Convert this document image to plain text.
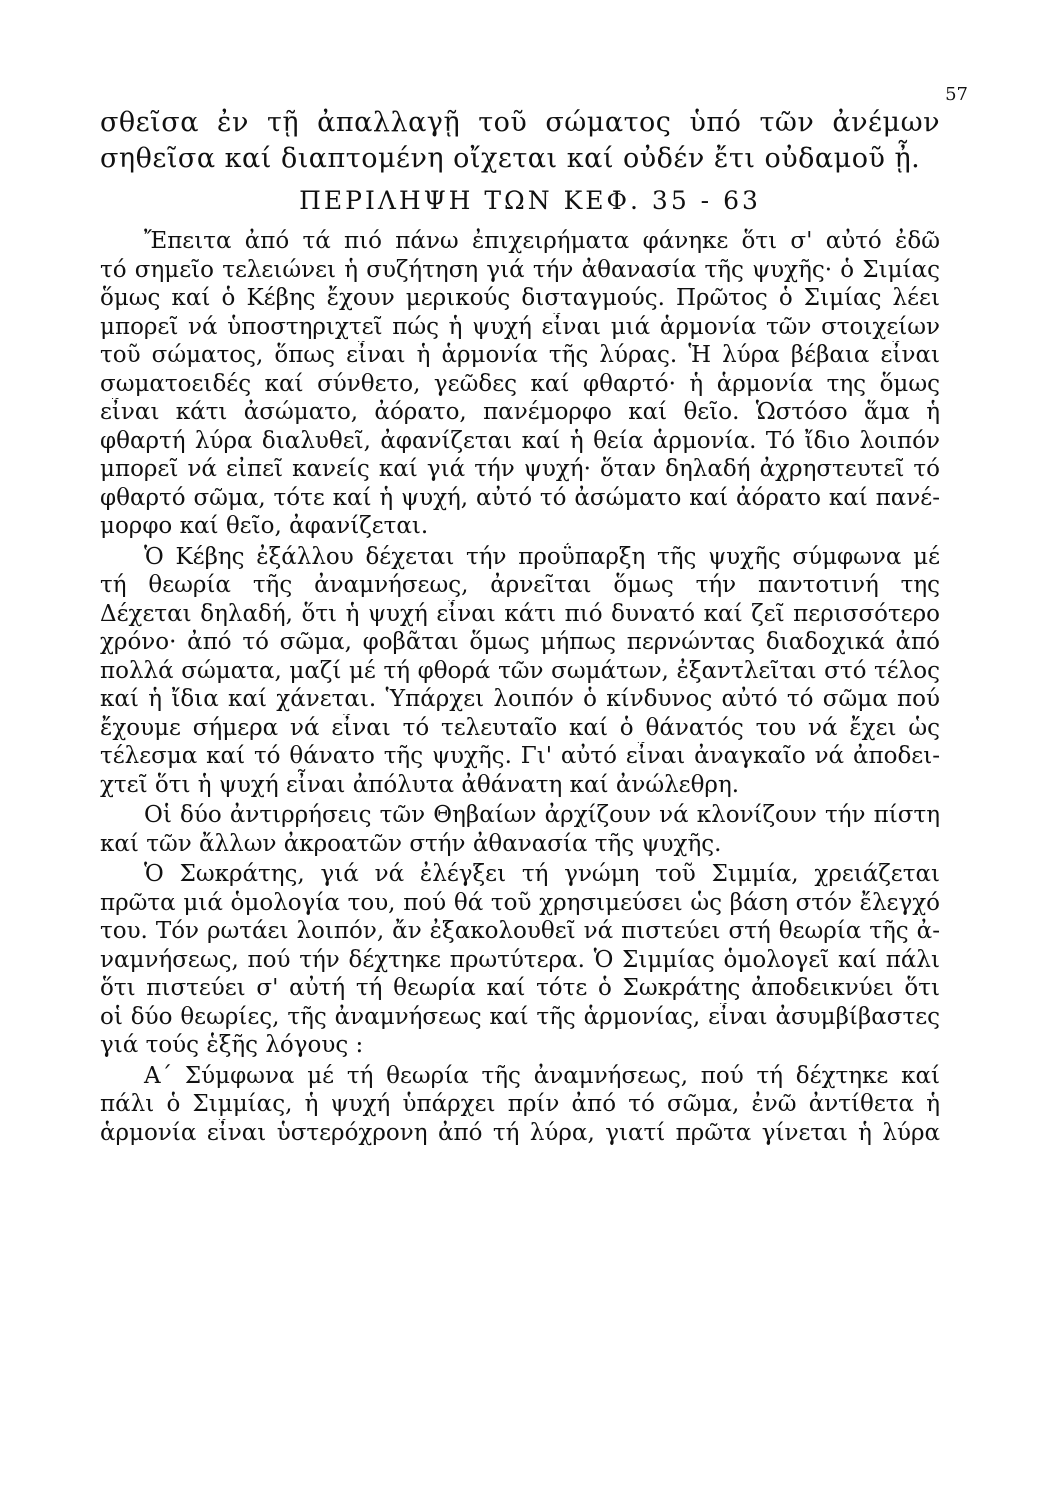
57
σθεῖσα ἐν τῇ ἀπαλλαγῇ τοῦ σώματος ὑπό τῶν ἀνέμων
σηθεῖσα καί διαπτομένη οἴχεται καί οὐδέν ἔτι οὐδαμοῦ ᾖ.
ΠΕΡΙΛΗΨΗ ΤΩΝ ΚΕΦ. 35 - 63
Ἔπειτα ἀπό τά πιό πάνω ἐπιχειρήματα φάνηκε ὅτι σ' αὐτό ἐδῶ
τό σημεῖο τελειώνει ἡ συζήτηση γιά τήν ἀθανασία τῆς ψυχῆς· ὁ Σιμίας
ὅμως καί ὁ Κέβης ἔχουν μερικούς δισταγμούς. Πρῶτος ὁ Σιμίας λέει
μπορεῖ νά ὑποστηριχτεῖ πώς ἡ ψυχή εἶναι μιά ἁρμονία τῶν στοιχείων
τοῦ σώματος, ὅπως εἶναι ἡ ἁρμονία τῆς λύρας. Ἡ λύρα βέβαια εἶναι
σωματοειδές καί σύνθετο, γεῶδες καί φθαρτό· ἡ ἁρμονία της ὅμως
εἶναι κάτι ἀσώματο, ἀόρατο, πανέμορφο καί θεῖο. Ὡστόσο ἅμα ἡ
φθαρτή λύρα διαλυθεῖ, ἀφανίζεται καί ἡ θεία ἁρμονία. Τό ἴδιο λοιπόν
μπορεῖ νά εἰπεῖ κανείς καί γιά τήν ψυχή· ὅταν δηλαδή ἀχρηστευτεῖ τό
φθαρτό σῶμα, τότε καί ἡ ψυχή, αὐτό τό ἀσώματο καί ἀόρατο καί πανέ-
μορφο καί θεῖο, ἀφανίζεται.
Ὁ Κέβης ἐξάλλου δέχεται τήν προΰπαρξη τῆς ψυχῆς σύμφωνα μέ
τή θεωρία τῆς ἀναμνήσεως, ἀρνεῖται ὅμως τήν παντοτινή της
Δέχεται δηλαδή, ὅτι ἡ ψυχή εἶναι κάτι πιό δυνατό καί ζεῖ περισσότερο
χρόνο· ἀπό τό σῶμα, φοβᾶται ὅμως μήπως περνώντας διαδοχικά ἀπό
πολλά σώματα, μαζί μέ τή φθορά τῶν σωμάτων, ἐξαντλεῖται στό τέλος
καί ἡ ἴδια καί χάνεται. Ὑπάρχει λοιπόν ὁ κίνδυνος αὐτό τό σῶμα πού
ἔχουμε σήμερα νά εἶναι τό τελευταῖο καί ὁ θάνατός του νά ἔχει ὡς
τέλεσμα καί τό θάνατο τῆς ψυχῆς. Γι' αὐτό εἶναι ἀναγκαῖο νά ἀποδει-
χτεῖ ὅτι ἡ ψυχή εἶναι ἀπόλυτα ἀθάνατη καί ἀνώλεθρη.
Οἱ δύο ἀντιρρήσεις τῶν Θηβαίων ἀρχίζουν νά κλονίζουν τήν πίστη
καί τῶν ἄλλων ἀκροατῶν στήν ἀθανασία τῆς ψυχῆς.
Ὁ Σωκράτης, γιά νά ἐλέγξει τή γνώμη τοῦ Σιμμία, χρειάζεται
πρῶτα μιά ὁμολογία του, πού θά τοῦ χρησιμεύσει ὡς βάση στόν ἔλεγχό
του. Τόν ρωτάει λοιπόν, ἄν ἐξακολουθεῖ νά πιστεύει στή θεωρία τῆς ἀ-
ναμνήσεως, πού τήν δέχτηκε πρωτύτερα. Ὁ Σιμμίας ὁμολογεῖ καί πάλι
ὅτι πιστεύει σ' αὐτή τή θεωρία καί τότε ὁ Σωκράτης ἀποδεικνύει ὅτι
οἱ δύο θεωρίες, τῆς ἀναμνήσεως καί τῆς ἁρμονίας, εἶναι ἀσυμβίβαστες
γιά τούς ἑξῆς λόγους :
Α΄ Σύμφωνα μέ τή θεωρία τῆς ἀναμνήσεως, πού τή δέχτηκε καί
πάλι ὁ Σιμμίας, ἡ ψυχή ὑπάρχει πρίν ἀπό τό σῶμα, ἐνῶ ἀντίθετα ἡ
ἁρμονία εἶναι ὑστερόχρονη ἀπό τή λύρα, γιατί πρῶτα γίνεται ἡ λύρα
